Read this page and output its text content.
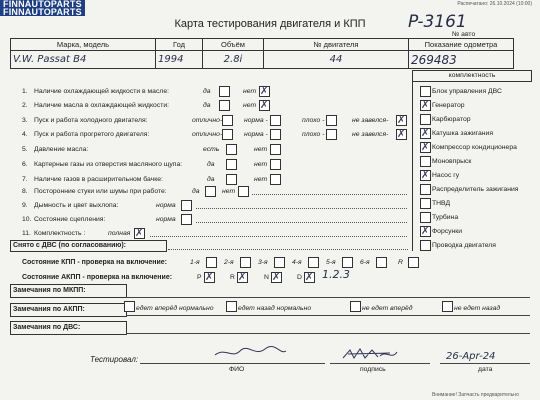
FINNAUTOPARTS
FINNAUTOPARTS
Распечатано: 26.10.2024 (10:00)
Карта тестирования двигателя и КПП	P-3161
Марка, модель	Год	Объём	№ двигателя	Показание одометра
V.W. Passat B4	1994	2.8i	44	269483
№ авто
комплектность
1. Наличие охлаждающей жидкости в масле:	да	нет ✗
2. Наличие масла в охлаждающей жидкости:	да	нет ✗
3. Пуск и работа холодного двигателя:	отлично-	норма -	плохо -	не завелся- ✗
4. Пуск и работа прогретого двигателя:	отлично-	норма -	плохо -	не завелся- ✗
5. Давление масла:	есть	нет
6. Картерные газы из отверстия масляного щупа:	да	нет
7. Наличие газов в расширительном бачке:	да	нет
8. Посторонние стуки или шумы при работе:	да	нет
9. Дымность и цвет выхлопа:	норма
10. Состояние сцепления:	норма
11. Комплектность :	полная ✗
Блок управления ДВС
✗ Генератор
Карбюратор
✗ Катушка зажигания
✗ Компрессор кондиционера
Моновпрыск
✗ Насос гу
Распределитель зажигания
ТНВД
Турбина
✗ Форсунки
Проводка двигателя
Снято с ДВС (по согласованию):
Состояние КПП - проверка на включение:	1-я	2-я	3-я	4-я	5-я	6-я	R
Состояние АКПП - проверка на включение:	P ✗ R ✗	N ✗ D ✗ 1.2.3
Замечания по МКПП:
Замечания по АКПП:	едет вперёд нормально	едет назад нормально	не едет вперёд	не едет назад
Замечания по ДВС:
Тестировал:
ФИО	подпись
26-Apr-24
дата
Внимание! Запчасть предварительно
